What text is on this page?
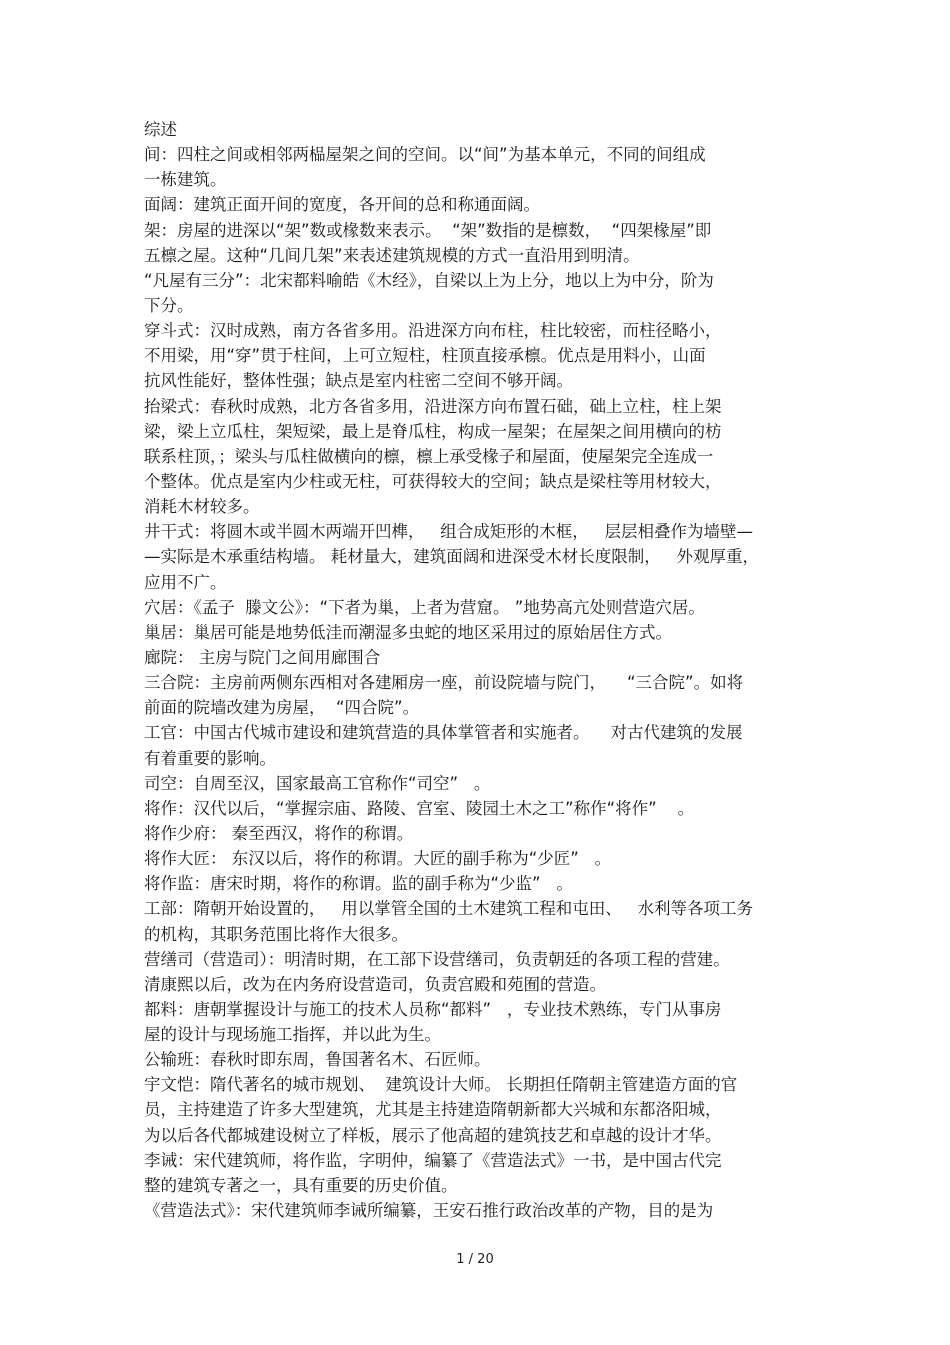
综述
间：四柱之间或相邻两榀屋架之间的空间。以“间”为基本单元，不同的间组成
一栋建筑。
面阔：建筑正面开间的宽度，各开间的总和称通面阔。
架：房屋的进深以“架”数或椽数来表示。  “架”数指的是檩数，  “四架椽屋”即
五檩之屋。这种“几间几架”来表述建筑规模的方式一直沿用到明清。
“凡屋有三分”：北宋都料喻皓《木经》，自梁以上为上分，地以上为中分，阶为
下分。
穿斗式：汉时成熟，南方各省多用。沿进深方向布柱，柱比较密，而柱径略小，
不用梁，用“穿”贯于柱间，上可立短柱，柱顶直接承檩。优点是用料小，山面
抗风性能好，整体性强；缺点是室内柱密二空间不够开阔。
抬梁式：春秋时成熟，北方各省多用，沿进深方向布置石础，础上立柱，柱上架
梁，梁上立瓜柱，架短梁，最上是脊瓜柱，构成一屋架；在屋架之间用横向的枋
联系柱顶，；梁头与瓜柱做横向的檩，檩上承受椽子和屋面，使屋架完全连成一
个整体。优点是室内少柱或无柱，可获得较大的空间；缺点是梁柱等用材较大，
消耗木材较多。
井干式：将圆木或半圆木两端开凹榫，   组合成矩形的木框，   层层相叠作为墙壁—
—实际是木承重结构墙。 耗材量大，建筑面阔和进深受木材长度限制，   外观厚重，
应用不广。
穴居：《孟子  滕文公》：“下者为巢，上者为营窟。 ”地势高亢处则营造穴居。
巢居：巢居可能是地势低洼而潮湿多虫蛇的地区采用过的原始居住方式。
廊院： 主房与院门之间用廊围合
三合院：主房前两侧东西相对各建厢房一座，前设院墙与院门，    “三合院”。如将
前面的院墙改建为房屋，  “四合院”。
工官：中国古代城市建设和建筑营造的具体掌管者和实施者。    对古代建筑的发展
有着重要的影响。
司空：自周至汉，国家最高工官称作“司空”   。
将作：汉代以后，“掌握宗庙、路陵、宫室、陵园土木之工”称作“将作”    。
将作少府： 秦至西汉，将作的称谓。
将作大匠： 东汉以后，将作的称谓。大匠的副手称为“少匠”   。
将作监：唐宋时期，将作的称谓。监的副手称为“少监”   。
工部：隋朝开始设置的，   用以掌管全国的土木建筑工程和屯田、   水利等各项工务
的机构，其职务范围比将作大很多。
营缮司（营造司）：明清时期，在工部下设营缮司，负责朝廷的各项工程的营建。
清康熙以后，改为在内务府设营造司，负责宫殿和苑囿的营造。
都料：唐朝掌握设计与施工的技术人员称“都料”   ，专业技术熟练，专门从事房
屋的设计与现场施工指挥，并以此为生。
公输班：春秋时即东周，鲁国著名木、石匠师。
宇文恺：隋代著名的城市规划、  建筑设计大师。 长期担任隋朝主管建造方面的官
员，主持建造了许多大型建筑，尤其是主持建造隋朝新都大兴城和东都洛阳城，
为以后各代都城建设树立了样板，展示了他高超的建筑技艺和卓越的设计才华。
李诫：宋代建筑师，将作监，字明仲，编纂了《营造法式》一书，是中国古代完
整的建筑专著之一，具有重要的历史价值。
《营造法式》：宋代建筑师李诫所编纂，王安石推行政治改革的产物，目的是为
1 / 20
